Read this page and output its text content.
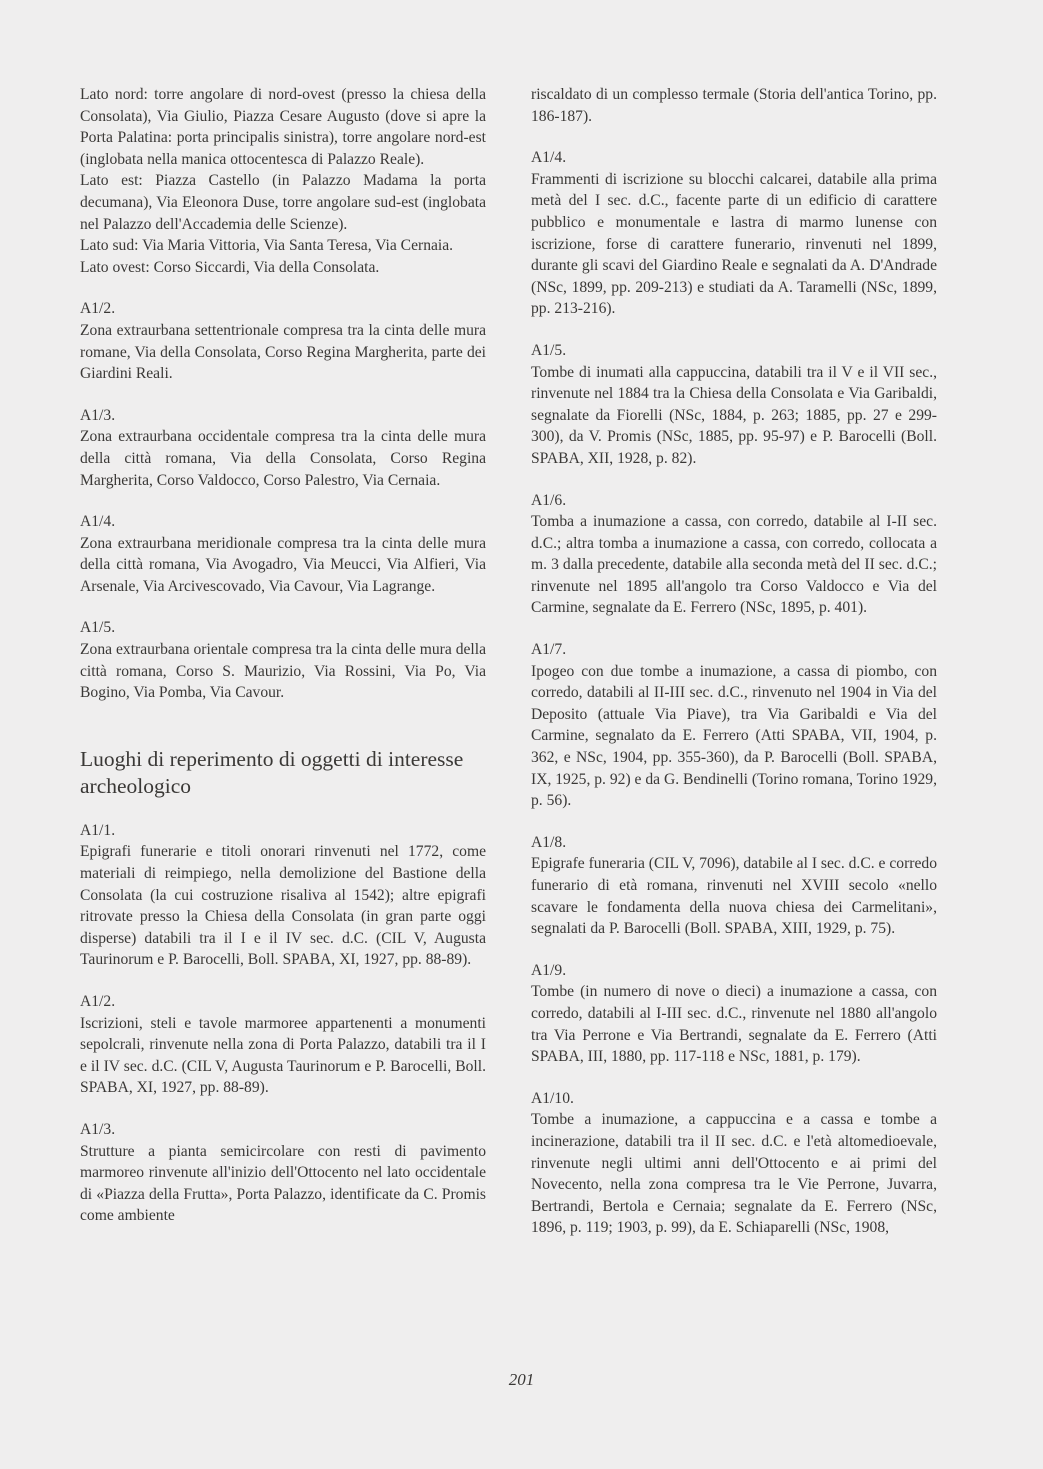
Lato nord: torre angolare di nord-ovest (presso la chiesa della Consolata), Via Giulio, Piazza Cesare Augusto (dove si apre la Porta Palatina: porta principalis sinistra), torre angolare nord-est (inglobata nella manica ottocentesca di Palazzo Reale).

Lato est: Piazza Castello (in Palazzo Madama la porta decumana), Via Eleonora Duse, torre angolare sud-est (inglobata nel Palazzo dell'Accademia delle Scienze).

Lato sud: Via Maria Vittoria, Via Santa Teresa, Via Cernaia.

Lato ovest: Corso Siccardi, Via della Consolata.

A1/2.

Zona extraurbana settentrionale compresa tra la cinta delle mura romane, Via della Consolata, Corso Regina Margherita, parte dei Giardini Reali.

A1/3.

Zona extraurbana occidentale compresa tra la cinta delle mura della città romana, Via della Consolata, Corso Regina Margherita, Corso Valdocco, Corso Palestro, Via Cernaia.

A1/4.

Zona extraurbana meridionale compresa tra la cinta delle mura della città romana, Via Avogadro, Via Meucci, Via Alfieri, Via Arsenale, Via Arcivescovado, Via Cavour, Via Lagrange.

A1/5.

Zona extraurbana orientale compresa tra la cinta delle mura della città romana, Corso S. Maurizio, Via Rossini, Via Po, Via Bogino, Via Pomba, Via Cavour.

Luoghi di reperimento di oggetti di interesse archeologico

A1/1.

Epigrafi funerarie e titoli onorari rinvenuti nel 1772, come materiali di reimpiego, nella demolizione del Bastione della Consolata (la cui costruzione risaliva al 1542); altre epigrafi ritrovate presso la Chiesa della Consolata (in gran parte oggi disperse) databili tra il I e il IV sec. d.C. (CIL V, Augusta Taurinorum e P. Barocelli, Boll. SPABA, XI, 1927, pp. 88-89).

A1/2.

Iscrizioni, steli e tavole marmoree appartenenti a monumenti sepolcrali, rinvenute nella zona di Porta Palazzo, databili tra il I e il IV sec. d.C. (CIL V, Augusta Taurinorum e P. Barocelli, Boll. SPABA, XI, 1927, pp. 88-89).

A1/3.

Strutture a pianta semicircolare con resti di pavimento marmoreo rinvenute all'inizio dell'Ottocento nel lato occidentale di «Piazza della Frutta», Porta Palazzo, identificate da C. Promis come ambiente

riscaldato di un complesso termale (Storia dell'antica Torino, pp. 186-187).

A1/4.

Frammenti di iscrizione su blocchi calcarei, databile alla prima metà del I sec. d.C., facente parte di un edificio di carattere pubblico e monumentale e lastra di marmo lunense con iscrizione, forse di carattere funerario, rinvenuti nel 1899, durante gli scavi del Giardino Reale e segnalati da A. D'Andrade (NSc, 1899, pp. 209-213) e studiati da A. Taramelli (NSc, 1899, pp. 213-216).

A1/5.

Tombe di inumati alla cappuccina, databili tra il V e il VII sec., rinvenute nel 1884 tra la Chiesa della Consolata e Via Garibaldi, segnalate da Fiorelli (NSc, 1884, p. 263; 1885, pp. 27 e 299-300), da V. Promis (NSc, 1885, pp. 95-97) e P. Barocelli (Boll. SPABA, XII, 1928, p. 82).

A1/6.

Tomba a inumazione a cassa, con corredo, databile al I-II sec. d.C.; altra tomba a inumazione a cassa, con corredo, collocata a m. 3 dalla precedente, databile alla seconda metà del II sec. d.C.; rinvenute nel 1895 all'angolo tra Corso Valdocco e Via del Carmine, segnalate da E. Ferrero (NSc, 1895, p. 401).

A1/7.

Ipogeo con due tombe a inumazione, a cassa di piombo, con corredo, databili al II-III sec. d.C., rinvenuto nel 1904 in Via del Deposito (attuale Via Piave), tra Via Garibaldi e Via del Carmine, segnalato da E. Ferrero (Atti SPABA, VII, 1904, p. 362, e NSc, 1904, pp. 355-360), da P. Barocelli (Boll. SPABA, IX, 1925, p. 92) e da G. Bendinelli (Torino romana, Torino 1929, p. 56).

A1/8.

Epigrafe funeraria (CIL V, 7096), databile al I sec. d.C. e corredo funerario di età romana, rinvenuti nel XVIII secolo «nello scavare le fondamenta della nuova chiesa dei Carmelitani», segnalati da P. Barocelli (Boll. SPABA, XIII, 1929, p. 75).

A1/9.

Tombe (in numero di nove o dieci) a inumazione a cassa, con corredo, databili al I-III sec. d.C., rinvenute nel 1880 all'angolo tra Via Perrone e Via Bertrandi, segnalate da E. Ferrero (Atti SPABA, III, 1880, pp. 117-118 e NSc, 1881, p. 179).

A1/10.

Tombe a inumazione, a cappuccina e a cassa e tombe a incinerazione, databili tra il II sec. d.C. e l'età altomedioevale, rinvenute negli ultimi anni dell'Ottocento e ai primi del Novecento, nella zona compresa tra le Vie Perrone, Juvarra, Bertrandi, Bertola e Cernaia; segnalate da E. Ferrero (NSc, 1896, p. 119; 1903, p. 99), da E. Schiaparelli (NSc, 1908,

201
